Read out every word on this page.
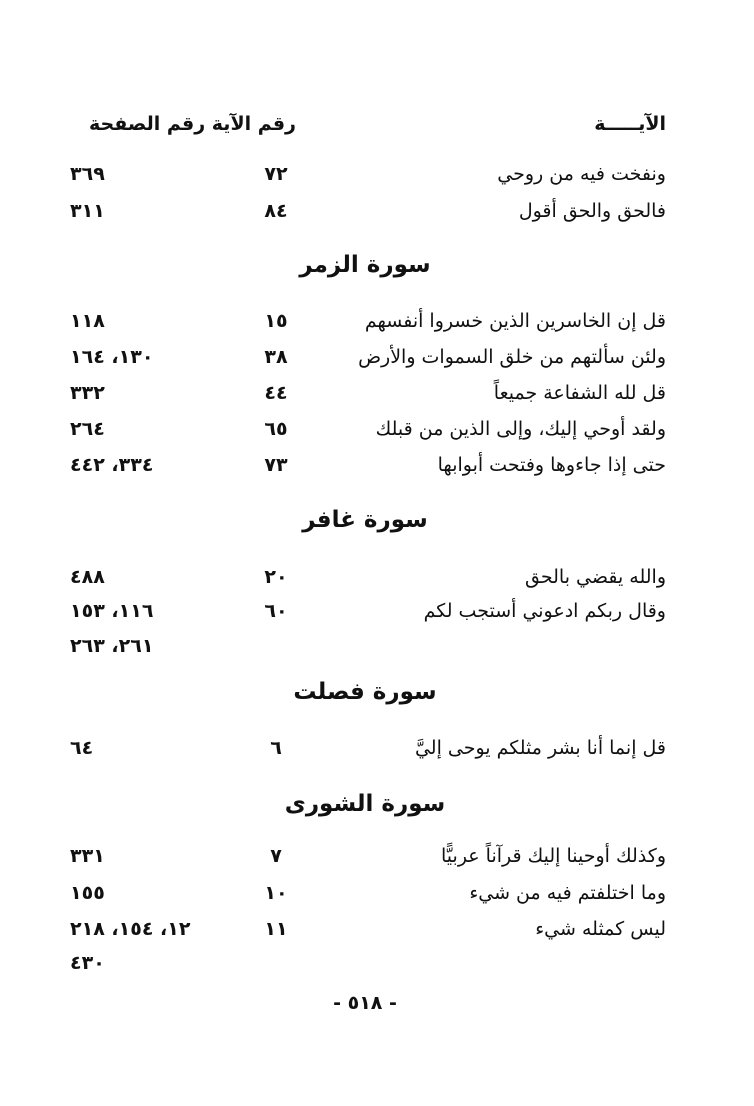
الآيـــــة
رقم الآية رقم الصفحة
ونفخت فيه من روحي
٧٢
٣٦٩
فالحق والحق أقول
٨٤
٣١١
سورة الزمر
قل إن الخاسرين الذين خسروا أنفسهم
١٥
١١٨
ولئن سألتهم من خلق السموات والأرض
٣٨
١٣٠، ١٦٤
قل لله الشفاعة جميعاً
٤٤
٣٣٢
ولقد أوحي إليك، وإلى الذين من قبلك
٦٥
٢٦٤
حتى إذا جاءوها وفتحت أبوابها
٧٣
٣٣٤، ٤٤٢
سورة غافر
والله يقضي بالحق
٢٠
٤٨٨
وقال ربكم ادعوني أستجب لكم
٦٠
١١٦، ١٥٣
٢٦١، ٢٦٣
سورة فصلت
قل إنما أنا بشر مثلكم يوحى إليَّ
٦
٦٤
سورة الشورى
وكذلك أوحينا إليك قرآناً عربيًّا
٧
٣٣١
وما اختلفتم فيه من شيء
١٠
١٥٥
ليس كمثله شيء
١١
١٢، ١٥٤، ٢١٨
٤٣٠
- ٥١٨ -
